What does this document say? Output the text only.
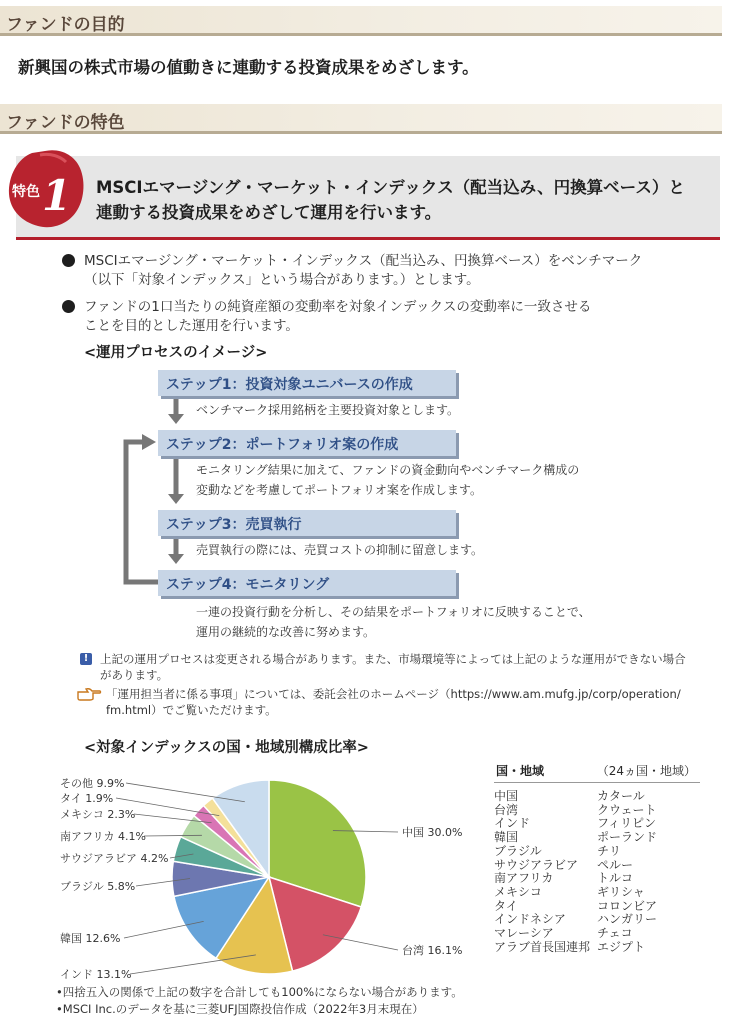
ファンドの目的
新興国の株式市場の値動きに連動する投資成果をめざします。
ファンドの特色
特色 1 MSCIエマージング・マーケット・インデックス（配当込み、円換算ベース）と
連動する投資成果をめざして運用を行います。
MSCIエマージング・マーケット・インデックス（配当込み、円換算ベース）をベンチマーク
（以下「対象インデックス」という場合があります。）とします。
ファンドの1口当たりの純資産額の変動率を対象インデックスの変動率に一致させる
ことを目的とした運用を行います。
<運用プロセスのイメージ>
ステップ1：投資対象ユニバースの作成
ベンチマーク採用銘柄を主要投資対象とします。
ステップ2：ポートフォリオ案の作成
モニタリング結果に加えて、ファンドの資金動向やベンチマーク構成の
変動などを考慮してポートフォリオ案を作成します。
ステップ3：売買執行
売買執行の際には、売買コストの抑制に留意します。
ステップ4：モニタリング
一連の投資行動を分析し、その結果をポートフォリオに反映することで、
運用の継続的な改善に努めます。
!	上記の運用プロセスは変更される場合があります。また、市場環境等によっては上記のような運用ができない場合
があります。
「運用担当者に係る事項」については、委託会社のホームページ（https://www.am.mufg.jp/corp/operation/
fm.html）でご覧いただけます。
<対象インデックスの国・地域別構成比率>
中国 30.0%
台湾 16.1%
インド 13.1%
韓国 12.6%
ブラジル 5.8%
サウジアラビア 4.2%
南アフリカ 4.1%
メキシコ 2.3%
タイ 1.9%
その他 9.9%
国・地域	（24ヵ国・地域）
中国
台湾
インド
韓国
ブラジル
サウジアラビア
南アフリカ
メキシコ
タイ
インドネシア
マレーシア
アラブ首長国連邦
カタール
クウェート
フィリピン
ポーランド
チリ
ペルー
トルコ
ギリシャ
コロンビア
ハンガリー
チェコ
エジプト
•四捨五入の関係で上記の数字を合計しても100%にならない場合があります。
•MSCI Inc.のデータを基に三菱UFJ国際投信作成（2022年3月末現在）
